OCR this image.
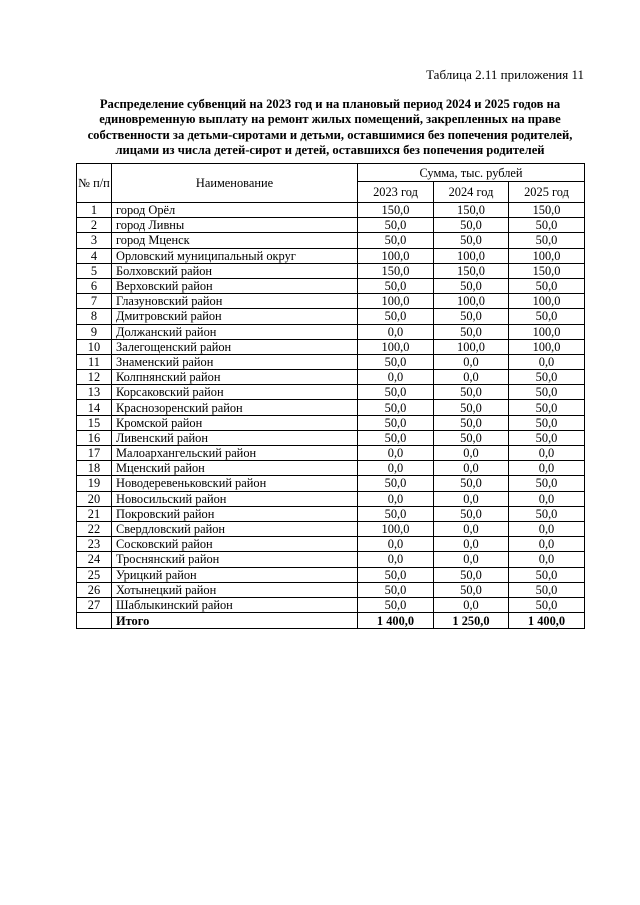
Таблица 2.11 приложения 11
Распределение субвенций на 2023 год и на плановый период 2024 и 2025 годов на
единовременную выплату на ремонт жилых помещений, закрепленных на праве
собственности за детьми-сиротами и детьми, оставшимися без попечения родителей,
лицами из числа детей-сирот и детей, оставшихся без попечения родителей
№ п/п	Наименование	Сумма, тыс. рублей		
		2023 год	2024 год	2025 год
1	город Орёл	150,0	150,0	150,0
2	город Ливны	50,0	50,0	50,0
3	город Мценск	50,0	50,0	50,0
4	Орловский муниципальный округ	100,0	100,0	100,0
5	Болховский район	150,0	150,0	150,0
6	Верховский район	50,0	50,0	50,0
7	Глазуновский район	100,0	100,0	100,0
8	Дмитровский район	50,0	50,0	50,0
9	Должанский район	0,0	50,0	100,0
10	Залегощенский район	100,0	100,0	100,0
11	Знаменский район	50,0	0,0	0,0
12	Колпнянский район	0,0	0,0	50,0
13	Корсаковский район	50,0	50,0	50,0
14	Краснозоренский район	50,0	50,0	50,0
15	Кромской район	50,0	50,0	50,0
16	Ливенский район	50,0	50,0	50,0
17	Малоархангельский район	0,0	0,0	0,0
18	Мценский район	0,0	0,0	0,0
19	Новодеревеньковский район	50,0	50,0	50,0
20	Новосильский район	0,0	0,0	0,0
21	Покровский район	50,0	50,0	50,0
22	Свердловский район	100,0	0,0	0,0
23	Сосковский район	0,0	0,0	0,0
24	Троснянский район	0,0	0,0	0,0
25	Урицкий район	50,0	50,0	50,0
26	Хотынецкий район	50,0	50,0	50,0
27	Шаблыкинский район	50,0	0,0	50,0
	Итого	1 400,0	1 250,0	1 400,0
